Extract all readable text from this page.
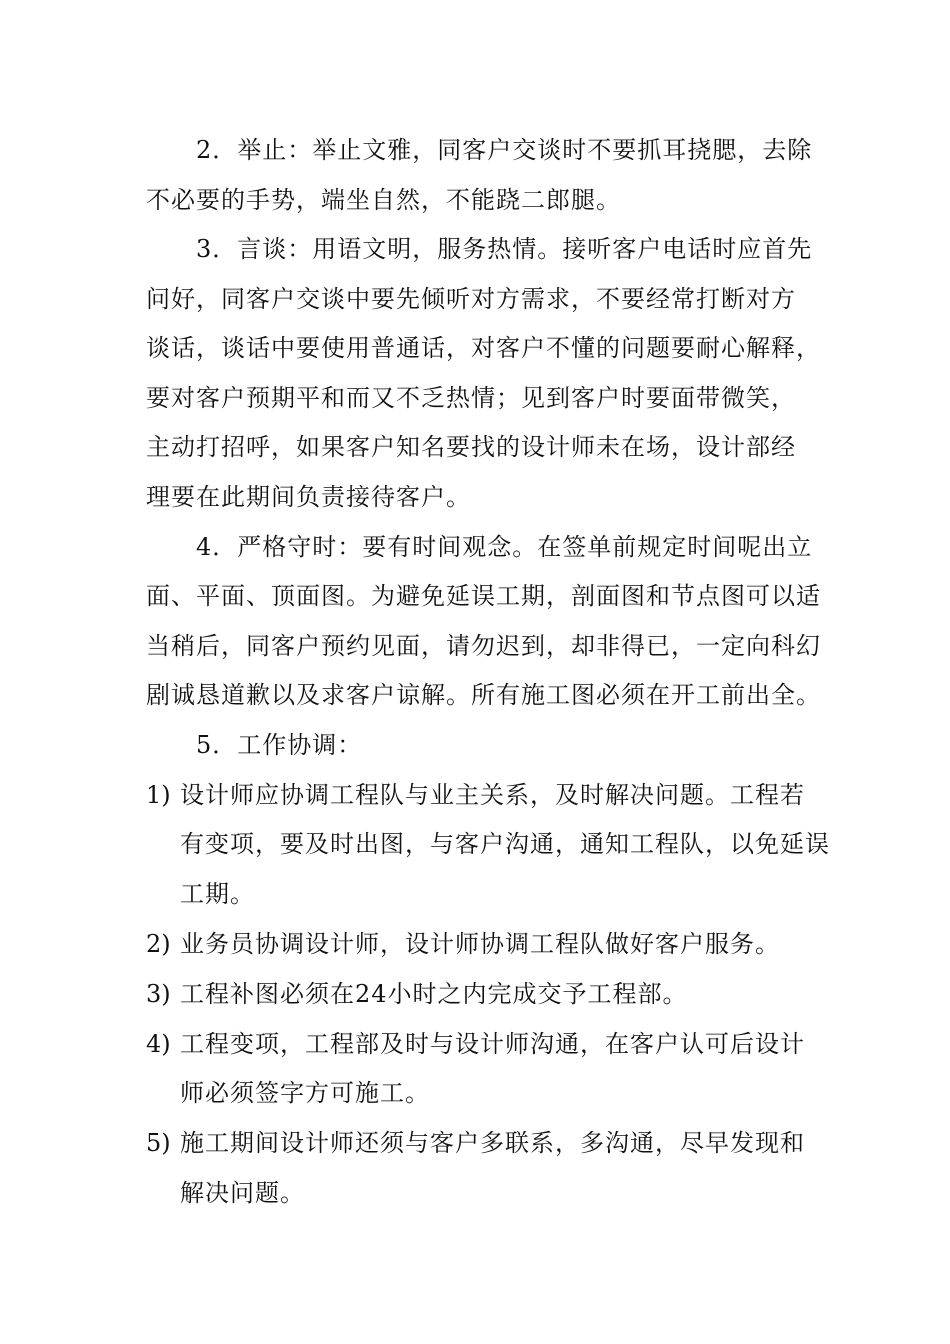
2．举止：举止文雅，同客户交谈时不要抓耳挠腮，去除
不必要的手势，端坐自然，不能跷二郎腿。
3．言谈：用语文明，服务热情。接听客户电话时应首先
问好，同客户交谈中要先倾听对方需求，不要经常打断对方
谈话，谈话中要使用普通话，对客户不懂的问题要耐心解释，
要对客户预期平和而又不乏热情；见到客户时要面带微笑，
主动打招呼，如果客户知名要找的设计师未在场，设计部经
理要在此期间负责接待客户。
4．严格守时：要有时间观念。在签单前规定时间呢出立
面、平面、顶面图。为避免延误工期，剖面图和节点图可以适
当稍后，同客户预约见面，请勿迟到，却非得已，一定向科幻
剧诚恳道歉以及求客户谅解。所有施工图必须在开工前出全。
5．工作协调：
1) 设计师应协调工程队与业主关系，及时解决问题。工程若
有变项，要及时出图，与客户沟通，通知工程队，以免延误
工期。
2) 业务员协调设计师，设计师协调工程队做好客户服务。
3) 工程补图必须在24小时之内完成交予工程部。
4) 工程变项，工程部及时与设计师沟通，在客户认可后设计
师必须签字方可施工。
5) 施工期间设计师还须与客户多联系，多沟通，尽早发现和
解决问题。
